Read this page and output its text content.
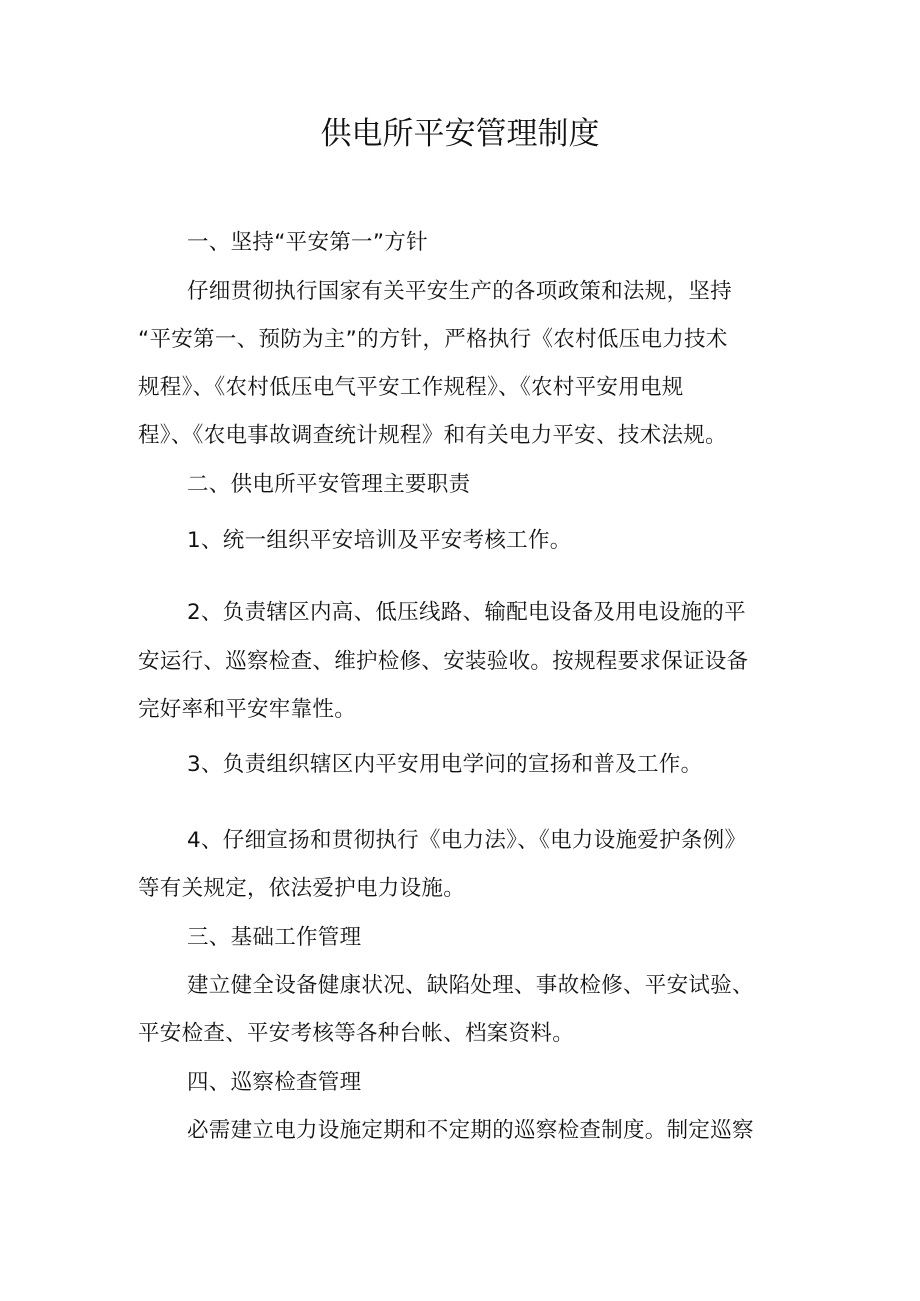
供电所平安管理制度
一、坚持“平安第一”方针
仔细贯彻执行国家有关平安生产的各项政策和法规，坚持
“平安第一、预防为主”的方针，严格执行《农村低压电力技术
规程》、《农村低压电气平安工作规程》、《农村平安用电规
程》、《农电事故调查统计规程》和有关电力平安、技术法规。
二、供电所平安管理主要职责
1、统一组织平安培训及平安考核工作。
2、负责辖区内高、低压线路、输配电设备及用电设施的平
安运行、巡察检查、维护检修、安装验收。按规程要求保证设备
完好率和平安牢靠性。
3、负责组织辖区内平安用电学问的宣扬和普及工作。
4、仔细宣扬和贯彻执行《电力法》、《电力设施爱护条例》
等有关规定，依法爱护电力设施。
三、基础工作管理
建立健全设备健康状况、缺陷处理、事故检修、平安试验、
平安检查、平安考核等各种台帐、档案资料。
四、巡察检查管理
必需建立电力设施定期和不定期的巡察检查制度。制定巡察
